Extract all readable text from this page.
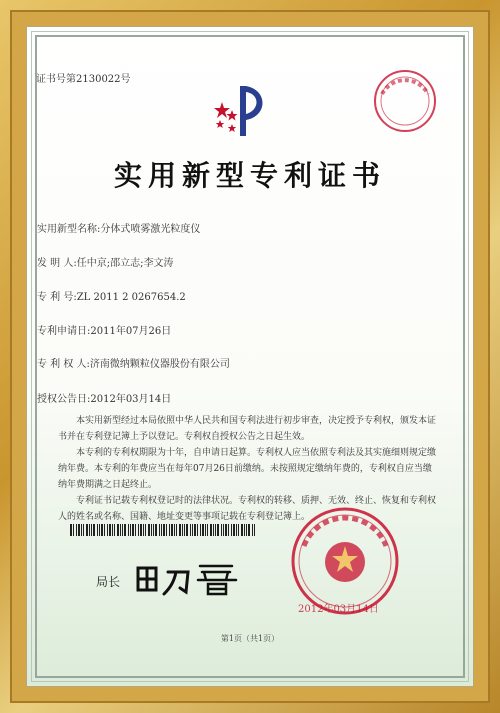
证书号第2130022号
实用新型专利证书
实用新型名称:分体式喷雾激光粒度仪
发 明 人:任中京;邵立志;李文涛
专 利 号:ZL 2011 2 0267654.2
专利申请日:2011年07月26日
专 利 权 人:济南微纳颗粒仪器股份有限公司
授权公告日:2012年03月14日

本实用新型经过本局依照中华人民共和国专利法进行初步审查，决定授予专利权，颁发本证书并在专利登记簿上予以登记。专利权自授权公告之日起生效。

本专利的专利权期限为十年，自申请日起算。专利权人应当依照专利法及其实施细则规定缴纳年费。本专利的年费应当在每年07月26日前缴纳。未按照规定缴纳年费的，专利权自应当缴纳年费期满之日起终止。

专利证书记载专利权登记时的法律状况。专利权的转移、质押、无效、终止、恢复和专利权人的姓名或名称、国籍、地址变更等事项记载在专利登记簿上。

局长
2012年03月14日
第1页（共1页）
